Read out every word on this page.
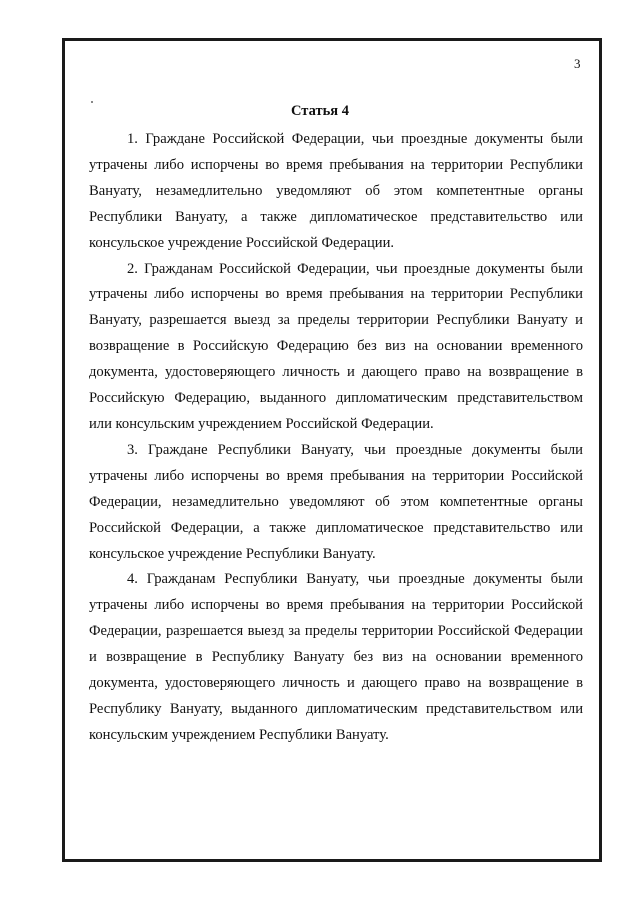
3
Статья 4

1. Граждане Российской Федерации, чьи проездные документы были утрачены либо испорчены во время пребывания на территории Республики Вануату, незамедлительно уведомляют об этом компетентные органы Республики Вануату, а также дипломатическое представительство или консульское учреждение Российской Федерации.

2. Гражданам Российской Федерации, чьи проездные документы были утрачены либо испорчены во время пребывания на территории Республики Вануату, разрешается выезд за пределы территории Республики Вануату и возвращение в Российскую Федерацию без виз на основании временного документа, удостоверяющего личность и дающего право на возвращение в Российскую Федерацию, выданного дипломатическим представительством или консульским учреждением Российской Федерации.

3. Граждане Республики Вануату, чьи проездные документы были утрачены либо испорчены во время пребывания на территории Российской Федерации, незамедлительно уведомляют об этом компетентные органы Российской Федерации, а также дипломатическое представительство или консульское учреждение Республики Вануату.

4. Гражданам Республики Вануату, чьи проездные документы были утрачены либо испорчены во время пребывания на территории Российской Федерации, разрешается выезд за пределы территории Российской Федерации и возвращение в Республику Вануату без виз на основании временного документа, удостоверяющего личность и дающего право на возвращение в Республику Вануату, выданного дипломатическим представительством или консульским учреждением Республики Вануату.
